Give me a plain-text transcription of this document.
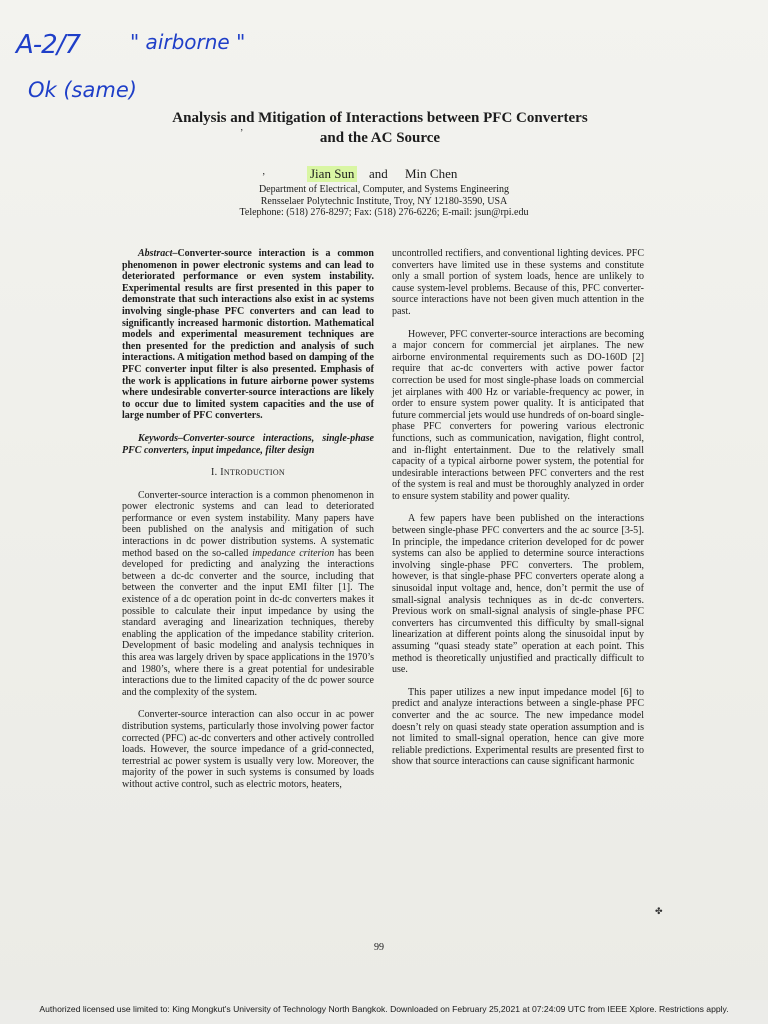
A-2/7 " airborne "
Ok (same)
Analysis and Mitigation of Interactions between PFC Converters
and the AC Source
ʼ
ʼ	Jian Sun and Min Chen
Department of Electrical, Computer, and Systems Engineering
Rensselaer Polytechnic Institute, Troy, NY 12180-3590, USA
Telephone: (518) 276-8297; Fax: (518) 276-6226; E-mail: jsun@rpi.edu

Abstract–Converter-source interaction is a common phenomenon in power electronic systems and can lead to deteriorated performance or even system instability. Experimental results are first presented in this paper to demonstrate that such interactions also exist in ac systems involving single-phase PFC converters and can lead to significantly increased harmonic distortion. Mathematical models and experimental measurement techniques are then presented for the prediction and analysis of such interactions. A mitigation method based on damping of the PFC converter input filter is also presented. Emphasis of the work is applications in future airborne power systems where undesirable converter-source interactions are likely to occur due to limited system capacities and the use of large number of PFC converters.

Keywords–Converter-source interactions, single-phase PFC converters, input impedance, filter design

I. INTRODUCTION

Converter-source interaction is a common phenomenon in power electronic systems and can lead to deteriorated performance or even system instability. Many papers have been published on the analysis and mitigation of such interactions in dc power distribution systems. A systematic method based on the so-called impedance criterion has been developed for predicting and analyzing the interactions between a dc-dc converter and the source, including that between the converter and the input EMI filter [1]. The existence of a dc operation point in dc-dc converters makes it possible to calculate their input impedance by using the standard averaging and linearization techniques, thereby enabling the application of the impedance stability criterion. Development of basic modeling and analysis techniques in this area was largely driven by space applications in the 1970’s and 1980’s, where there is a great potential for undesirable interactions due to the limited capacity of the dc power source and the complexity of the system.

Converter-source interaction can also occur in ac power distribution systems, particularly those involving power factor corrected (PFC) ac-dc converters and other actively controlled loads. However, the source impedance of a grid-connected, terrestrial ac power system is usually very low. Moreover, the majority of the power in such systems is consumed by loads without active control, such as electric motors, heaters,

uncontrolled rectifiers, and conventional lighting devices. PFC converters have limited use in these systems and constitute only a small portion of system loads, hence are unlikely to cause system-level problems. Because of this, PFC converter-source interactions have not been given much attention in the past.

However, PFC converter-source interactions are becoming a major concern for commercial jet airplanes. The new airborne environmental requirements such as DO-160D [2] require that ac-dc converters with active power factor correction be used for most single-phase loads on commercial jet airplanes with 400 Hz or variable-frequency ac power, in order to ensure system power quality. It is anticipated that future commercial jets would use hundreds of on-board single-phase PFC converters for powering various electronic functions, such as communication, navigation, flight control, and in-flight entertainment. Due to the relatively small capacity of a typical airborne power system, the potential for undesirable interactions between PFC converters and the rest of the system is real and must be thoroughly analyzed in order to ensure system stability and power quality.

A few papers have been published on the interactions between single-phase PFC converters and the ac source [3-5]. In principle, the impedance criterion developed for dc power systems can also be applied to determine source interactions involving single-phase PFC converters. The problem, however, is that single-phase PFC converters operate along a sinusoidal input voltage and, hence, don’t permit the use of small-signal analysis techniques as in dc-dc converters. Previous work on small-signal analysis of single-phase PFC converters has circumvented this difficulty by small-signal linearization at different points along the sinusoidal input by assuming “quasi steady state” operation at each point. This method is theoretically unjustified and practically difficult to use.

This paper utilizes a new input impedance model [6] to predict and analyze interactions between a single-phase PFC converter and the ac source. The new impedance model doesn’t rely on quasi steady state operation assumption and is not limited to small-signal operation, hence can give more reliable predictions. Experimental results are presented first to show that source interactions can cause significant harmonic

✤
99
Authorized licensed use limited to: King Mongkut's University of Technology North Bangkok. Downloaded on February 25,2021 at 07:24:09 UTC from IEEE Xplore. Restrictions apply.
